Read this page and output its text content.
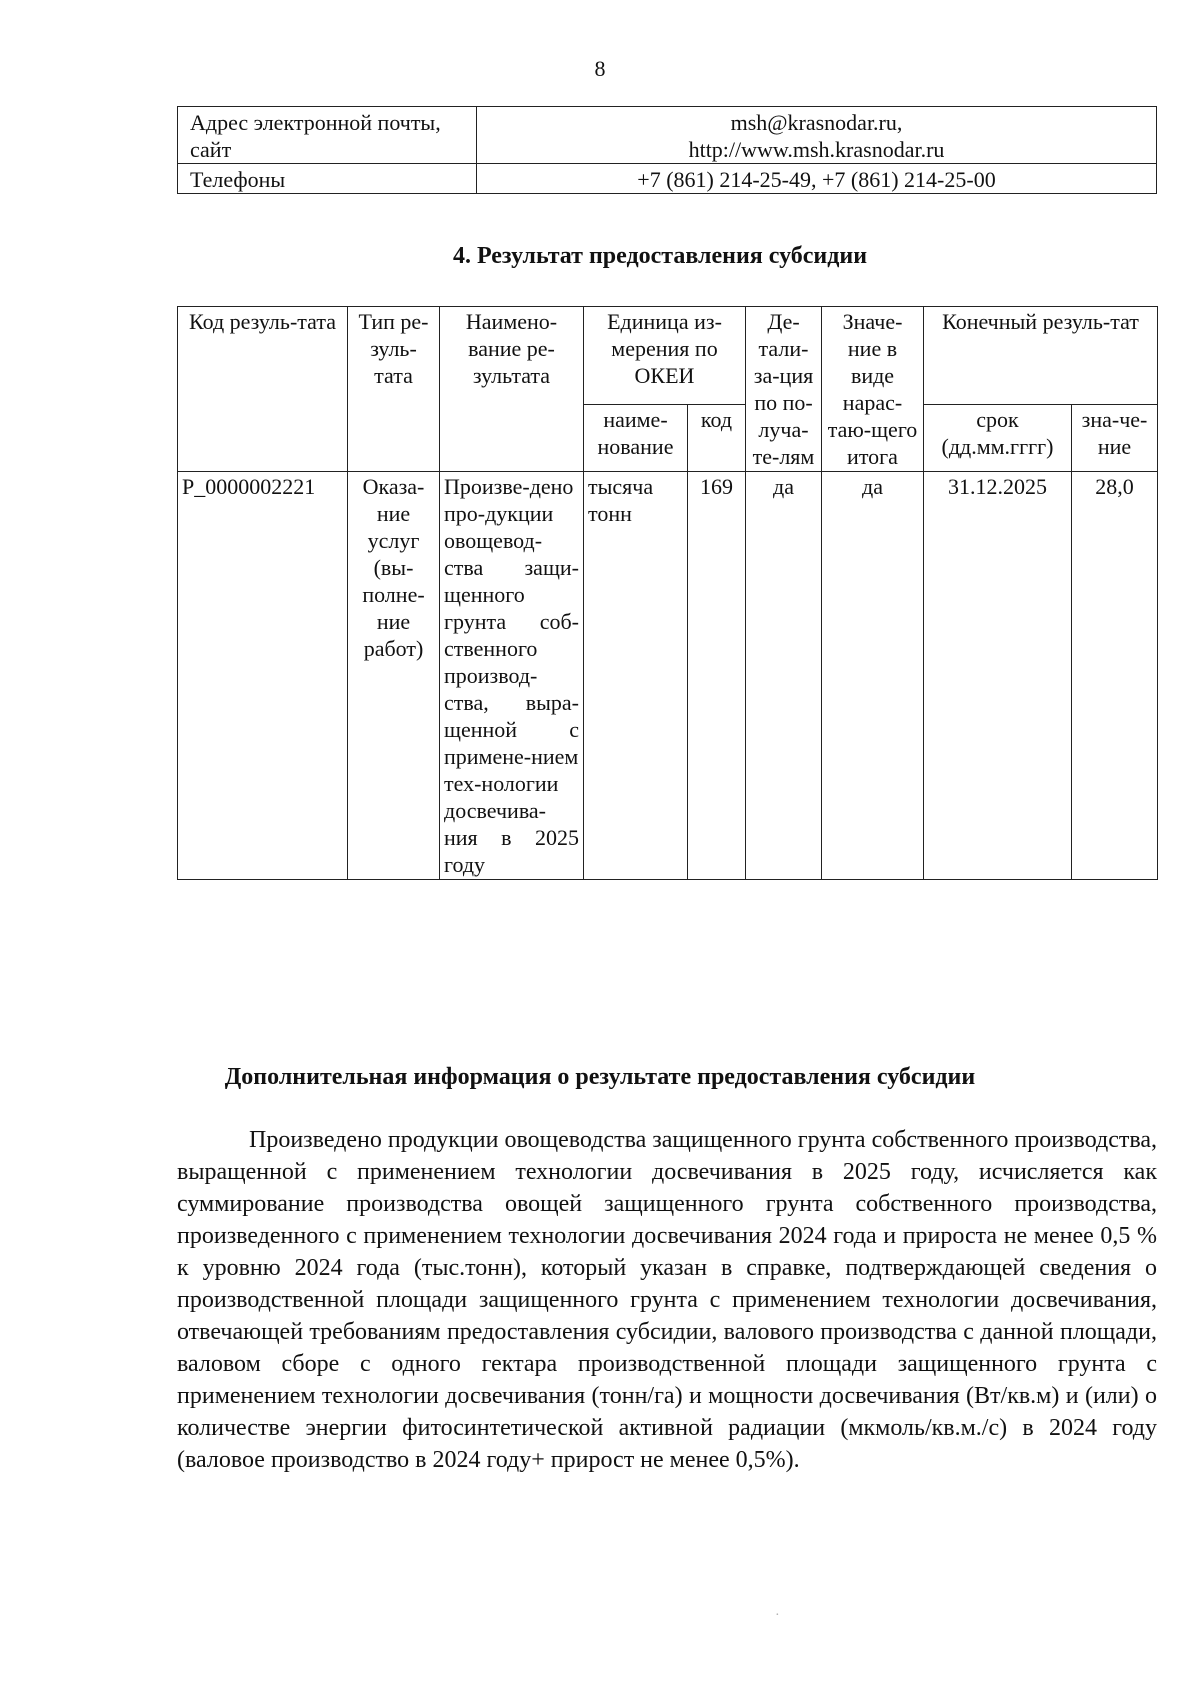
8
Адрес электронной почты, сайт	msh@krasnodar.ru,
http://www.msh.krasnodar.ru

Телефоны	+7 (861) 214-25-49, +7 (861) 214-25-00
4. Результат предоставления субсидии
Код резуль-тата	Тип ре-зуль-тата	Наимено-вание ре-зультата	Единица из-мерения по ОКЕИ		Де-тали-за-ция по по-луча-те-лям	Значе-ние в виде нарас-таю-щего итога	Конечный резуль-тат	
			наиме-нование	код			срок (дд.мм.гггг)	зна-че-ние
P_0000002221	Оказа-ние услуг (вы-полне-ние работ)	Произве-дено про-дукции овощевод-ства защи-щенного грунта соб-ственного производ-ства, выра-щенной с примене-нием тех-нологии досвечива-ния в 2025 году	тысяча тонн	169	да	да	31.12.2025	28,0
Дополнительная информация о результате предоставления субсидии

Произведено продукции овощеводства защищенного грунта собственного производства, выращенной с применением технологии досвечивания в 2025 году, исчисляется как суммирование производства овощей защищенного грунта собственного производства, произведенного с применением технологии досвечивания 2024 года и прироста не менее 0,5 % к уровню 2024 года (тыс.тонн), который указан в справке, подтверждающей сведения о производственной площади защищенного грунта с применением технологии досвечивания, отвечающей требованиям предоставления субсидии, валового производства с данной площади, валовом сборе с одного гектара производственной площади защищенного грунта с применением технологии досвечивания (тонн/га) и мощности досвечивания (Вт/кв.м) и (или) о количестве энергии фитосинтетической активной радиации (мкмоль/кв.м./с) в 2024 году (валовое производство в 2024 году+ прирост не менее 0,5%).

·
